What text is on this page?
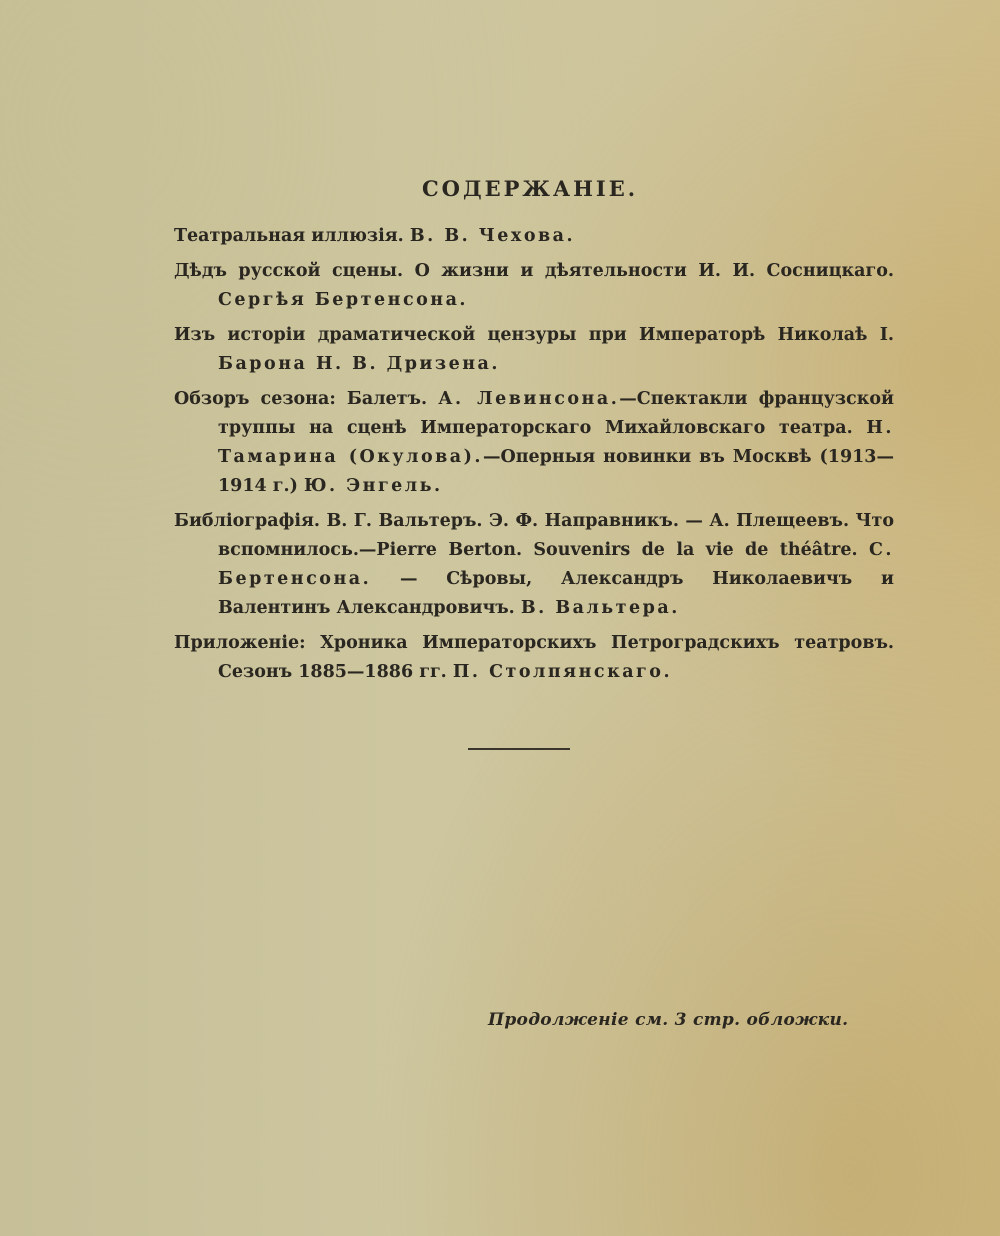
СОДЕРЖАНІЕ.
Театральная иллюзія. В. В. Чехова.
Дѣдъ русской сцены. О жизни и дѣятельности И. И. Сосницкаго. Сергѣя Бертенсона.
Изъ исторіи драматической цензуры при Императорѣ Николаѣ I. Барона Н. В. Дризена.
Обзоръ сезона: Балетъ. А. Левинсона.—Спектакли французской труппы на сценѣ Императорскаго Михайловскаго театра. Н. Тамарина (Окулова).—Оперныя новинки въ Москвѣ (1913—1914 г.) Ю. Энгель.
Библіографія. В. Г. Вальтеръ. Э. Ф. Направникъ. — А. Плещеевъ. Что вспомнилось.—Pierre Berton. Souvenirs de la vie de théâtre. С. Бертенсона. — Сѣровы, Александръ Николаевичъ и Валентинъ Александровичъ. В. Вальтера.
Приложеніе: Хроника Императорскихъ Петроградскихъ театровъ. Сезонъ 1885—1886 гг. П. Столпянскаго.
Продолженіе см. 3 стр. обложки.
